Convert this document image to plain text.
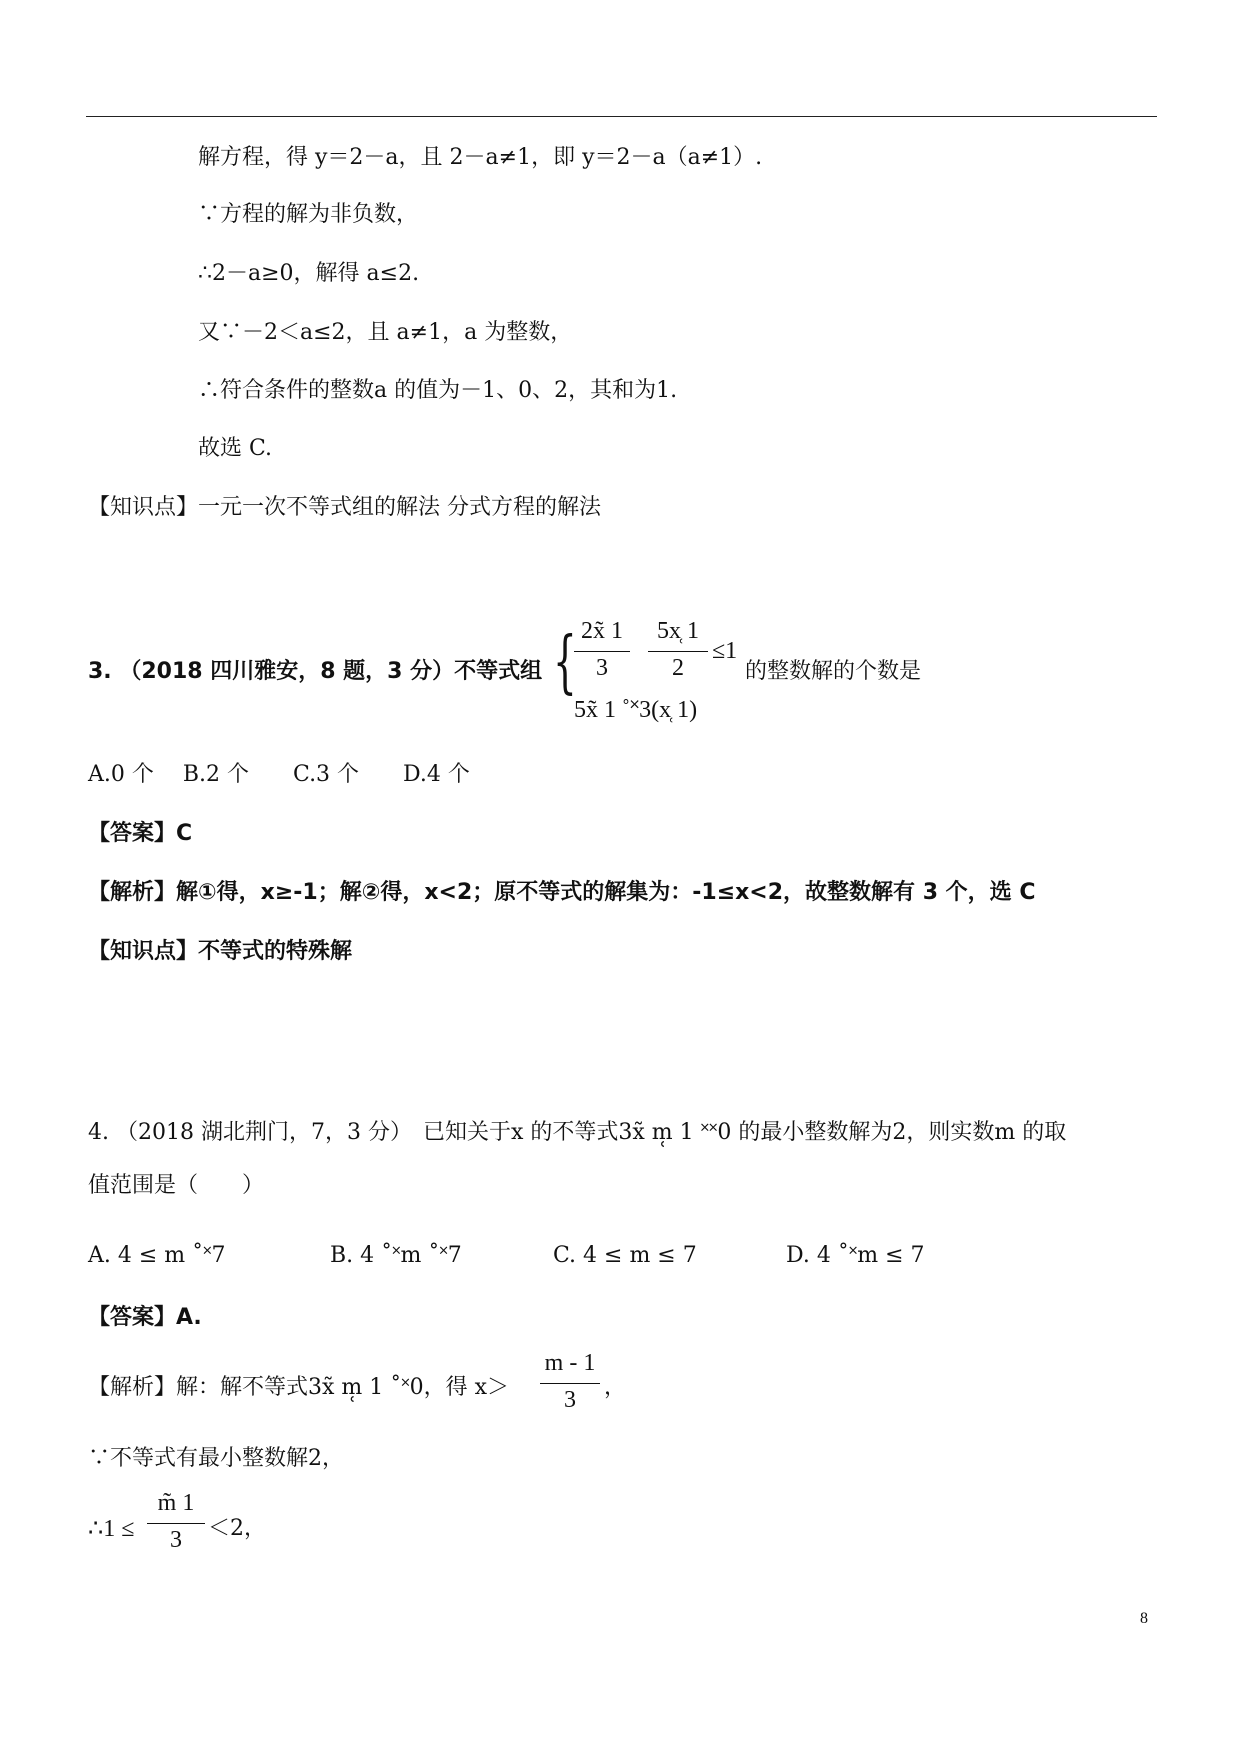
解方程，得 y＝2－a，且 2－a≠1，即 y＝2－a（a≠1）.
∵方程的解为非负数，
∴2－a≥0，解得 a≤2.
又∵－2＜a≤2，且 a≠1，a 为整数，
∴符合条件的整数a 的值为－1、0、2，其和为1.
故选 C.
【知识点】一元一次不等式组的解法 分式方程的解法
3. （2018 四川雅安，8 题，3 分）不等式组 { 2x̃ 1
3
5x̜ 1
2
≤1
5x̃ 1 ˚˟3(x̜ 1)
的整数解的个数是
A.0 个　 B.2 个　　C.3 个　　D.4 个
【答案】C
【解析】解①得，x≥-1；解②得，x<2；原不等式的解集为：-1≤x<2，故整数解有 3 个，选 C
【知识点】不等式的特殊解
4. （2018 湖北荆门，7，3 分）　已知关于x 的不等式3x̃ m̜ 1 ˟˟0 的最小整数解为2，则实数m 的取
值范围是（　　）
A. 4 ≤ m ˚˟7	B. 4 ˚˟m ˚˟7	C. 4 ≤ m ≤ 7	D. 4 ˚˟m ≤ 7
【答案】A.
【解析】解：解不等式3x̃ m̜ 1 ˚˟0，得 x＞
m - 1
3	，
∵不等式有最小整数解2，
∴1 ≤
m̃ 1
3	＜2，
8
